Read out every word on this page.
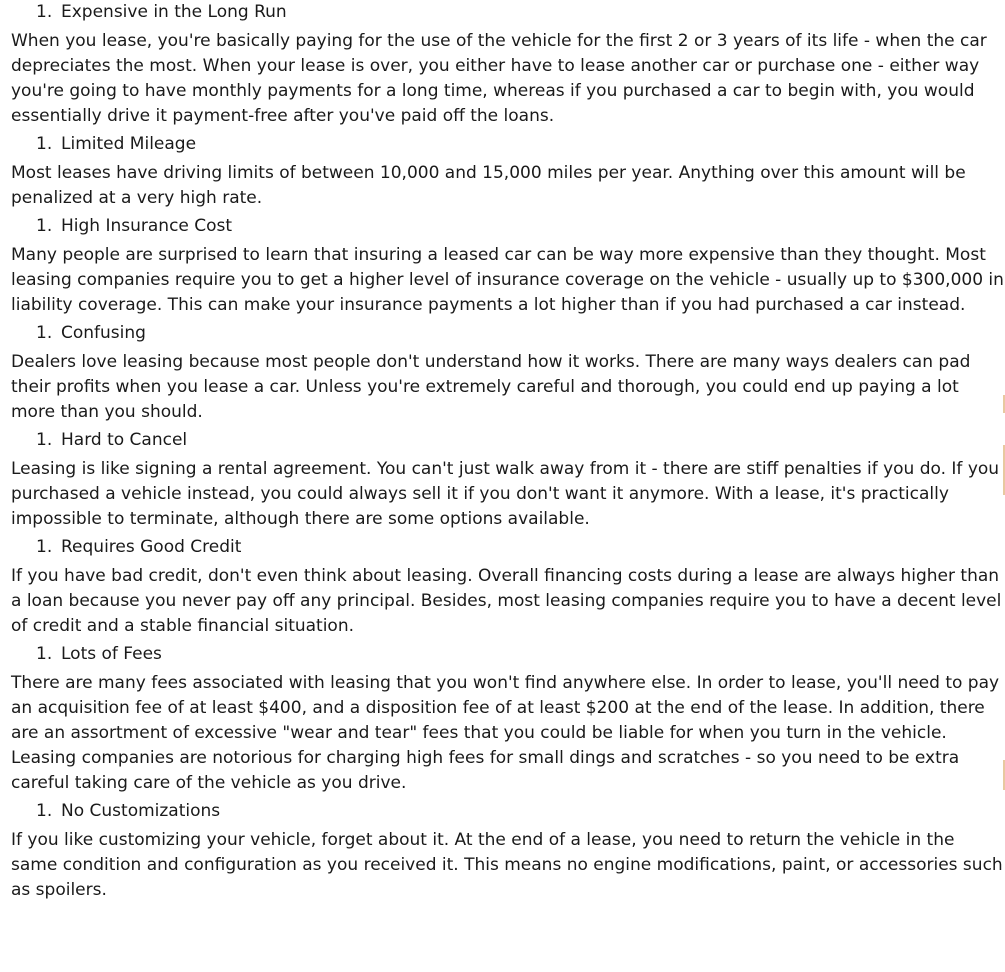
1. Expensive in the Long Run
When you lease, you're basically paying for the use of the vehicle for the first 2 or 3 years of its life - when the car depreciates the most. When your lease is over, you either have to lease another car or purchase one - either way you're going to have monthly payments for a long time, whereas if you purchased a car to begin with, you would essentially drive it payment-free after you've paid off the loans.
1. Limited Mileage
Most leases have driving limits of between 10,000 and 15,000 miles per year. Anything over this amount will be penalized at a very high rate.
1. High Insurance Cost
Many people are surprised to learn that insuring a leased car can be way more expensive than they thought. Most leasing companies require you to get a higher level of insurance coverage on the vehicle - usually up to $300,000 in liability coverage. This can make your insurance payments a lot higher than if you had purchased a car instead.
1. Confusing
Dealers love leasing because most people don't understand how it works. There are many ways dealers can pad their profits when you lease a car. Unless you're extremely careful and thorough, you could end up paying a lot more than you should.
1. Hard to Cancel
Leasing is like signing a rental agreement. You can't just walk away from it - there are stiff penalties if you do. If you purchased a vehicle instead, you could always sell it if you don't want it anymore. With a lease, it's practically impossible to terminate, although there are some options available.
1. Requires Good Credit
If you have bad credit, don't even think about leasing. Overall financing costs during a lease are always higher than a loan because you never pay off any principal. Besides, most leasing companies require you to have a decent level of credit and a stable financial situation.
1. Lots of Fees
There are many fees associated with leasing that you won't find anywhere else. In order to lease, you'll need to pay an acquisition fee of at least $400, and a disposition fee of at least $200 at the end of the lease. In addition, there are an assortment of excessive "wear and tear" fees that you could be liable for when you turn in the vehicle. Leasing companies are notorious for charging high fees for small dings and scratches - so you need to be extra careful taking care of the vehicle as you drive.
1. No Customizations
If you like customizing your vehicle, forget about it. At the end of a lease, you need to return the vehicle in the same condition and configuration as you received it. This means no engine modifications, paint, or accessories such as spoilers.
